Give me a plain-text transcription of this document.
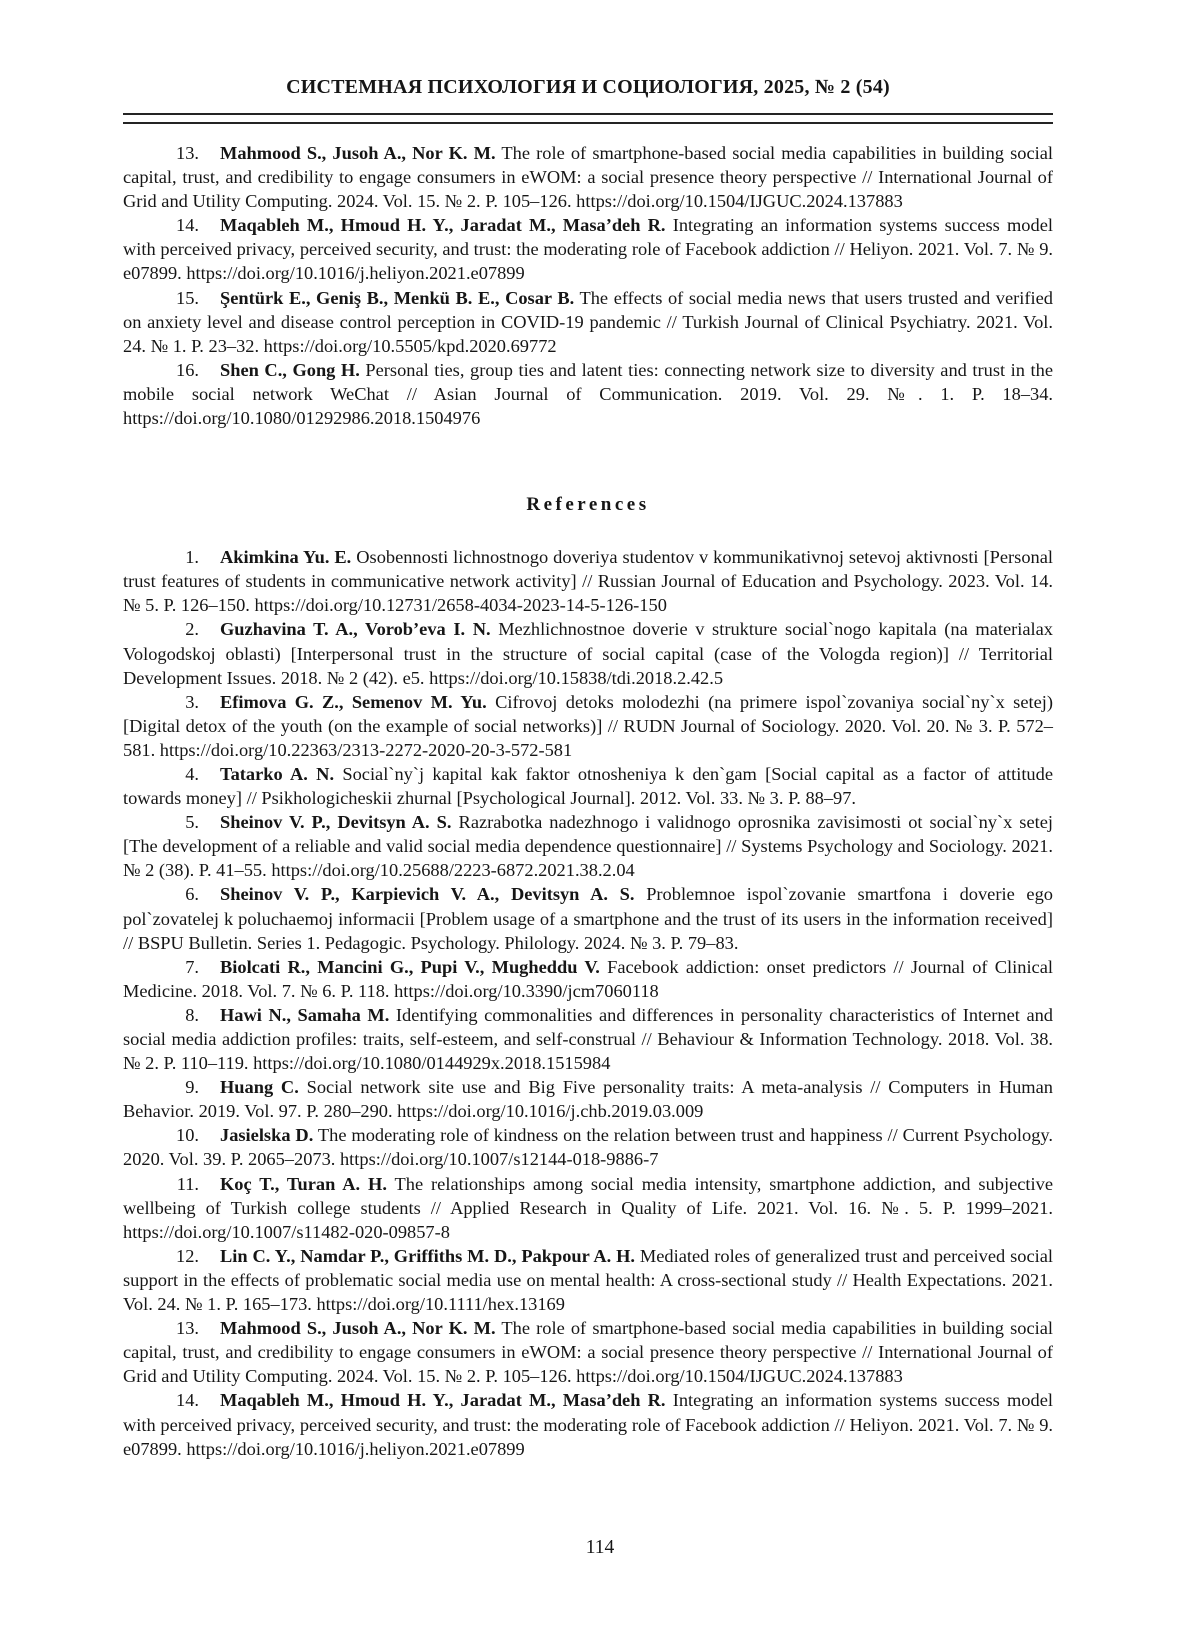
СИСТЕМНАЯ ПСИХОЛОГИЯ И СОЦИОЛОГИЯ, 2025, № 2 (54)

13. Mahmood S., Jusoh A., Nor K. M. The role of smartphone-based social media capabilities in building social capital, trust, and credibility to engage consumers in eWOM: a social presence theory perspective // International Journal of Grid and Utility Computing. 2024. Vol. 15. № 2. P. 105–126. https://doi.org/10.1504/IJGUC.2024.137883

14. Maqableh M., Hmoud H. Y., Jaradat M., Masa’deh R. Integrating an information systems success model with perceived privacy, perceived security, and trust: the moderating role of Facebook addiction // Heliyon. 2021. Vol. 7. № 9. e07899. https://doi.org/10.1016/j.heliyon.2021.e07899

15. Şentürk E., Geniş B., Menkü B. E., Cosar B. The effects of social media news that users trusted and verified on anxiety level and disease control perception in COVID-19 pandemic // Turkish Journal of Clinical Psychiatry. 2021. Vol. 24. № 1. P. 23–32. https://doi.org/10.5505/kpd.2020.69772

16. Shen C., Gong H. Personal ties, group ties and latent ties: connecting network size to diversity and trust in the mobile social network WeChat // Asian Journal of Communication. 2019. Vol. 29. №. 1. P. 18–34. https://doi.org/10.1080/01292986.2018.1504976

References

1. Akimkina Yu. E. Osobennosti lichnostnogo doveriya studentov v kommunikativnoj setevoj aktivnosti [Personal trust features of students in communicative network activity] // Russian Journal of Education and Psychology. 2023. Vol. 14. № 5. P. 126–150. https://doi.org/10.12731/2658-4034-2023-14-5-126-150

2. Guzhavina T. A., Vorob’eva I. N. Mezhlichnostnoe doverie v strukture social`nogo kapitala (na materialax Vologodskoj oblasti) [Interpersonal trust in the structure of social capital (case of the Vologda region)] // Territorial Development Issues. 2018. № 2 (42). e5. https://doi.org/10.15838/tdi.2018.2.42.5

3. Efimova G. Z., Semenov M. Yu. Cifrovoj detoks molodezhi (na primere ispol`zovaniya social`ny`x setej) [Digital detox of the youth (on the example of social networks)] // RUDN Journal of Sociology. 2020. Vol. 20. № 3. P. 572–581. https://doi.org/10.22363/2313-2272-2020-20-3-572-581

4. Tatarko A. N. Social`ny`j kapital kak faktor otnosheniya k den`gam [Social capital as a factor of attitude towards money] // Psikhologicheskii zhurnal [Psychological Journal]. 2012. Vol. 33. № 3. P. 88–97.

5. Sheinov V. P., Devitsyn A. S. Razrabotka nadezhnogo i validnogo oprosnika zavisimosti ot social`ny`x setej [The development of a reliable and valid social media dependence questionnaire] // Systems Psychology and Sociology. 2021. № 2 (38). P. 41–55. https://doi.org/10.25688/2223-6872.2021.38.2.04

6. Sheinov V. P., Karpievich V. A., Devitsyn A. S. Problemnoe ispol`zovanie smartfona i doverie ego pol`zovatelej k poluchaemoj informacii [Problem usage of a smartphone and the trust of its users in the information received] // BSPU Bulletin. Series 1. Pedagogic. Psychology. Philology. 2024. № 3. P. 79–83.

7. Biolcati R., Mancini G., Pupi V., Mugheddu V. Facebook addiction: onset predictors // Journal of Clinical Medicine. 2018. Vol. 7. № 6. P. 118. https://doi.org/10.3390/jcm7060118

8. Hawi N., Samaha M. Identifying commonalities and differences in personality characteristics of Internet and social media addiction profiles: traits, self-esteem, and self-construal // Behaviour & Information Technology. 2018. Vol. 38. № 2. P. 110–119. https://doi.org/10.1080/0144929x.2018.1515984

9. Huang C. Social network site use and Big Five personality traits: A meta-analysis // Computers in Human Behavior. 2019. Vol. 97. P. 280–290. https://doi.org/10.1016/j.chb.2019.03.009

10. Jasielska D. The moderating role of kindness on the relation between trust and happiness // Current Psychology. 2020. Vol. 39. P. 2065–2073. https://doi.org/10.1007/s12144-018-9886-7

11. Koç T., Turan A. H. The relationships among social media intensity, smartphone addiction, and subjective wellbeing of Turkish college students // Applied Research in Quality of Life. 2021. Vol. 16. №. 5. P. 1999–2021. https://doi.org/10.1007/s11482-020-09857-8

12. Lin C. Y., Namdar P., Griffiths M. D., Pakpour A. H. Mediated roles of generalized trust and perceived social support in the effects of problematic social media use on mental health: A cross-sectional study // Health Expectations. 2021. Vol. 24. № 1. P. 165–173. https://doi.org/10.1111/hex.13169

13. Mahmood S., Jusoh A., Nor K. M. The role of smartphone-based social media capabilities in building social capital, trust, and credibility to engage consumers in eWOM: a social presence theory perspective // International Journal of Grid and Utility Computing. 2024. Vol. 15. № 2. P. 105–126. https://doi.org/10.1504/IJGUC.2024.137883

14. Maqableh M., Hmoud H. Y., Jaradat M., Masa’deh R. Integrating an information systems success model with perceived privacy, perceived security, and trust: the moderating role of Facebook addiction // Heliyon. 2021. Vol. 7. № 9. e07899. https://doi.org/10.1016/j.heliyon.2021.e07899

114
